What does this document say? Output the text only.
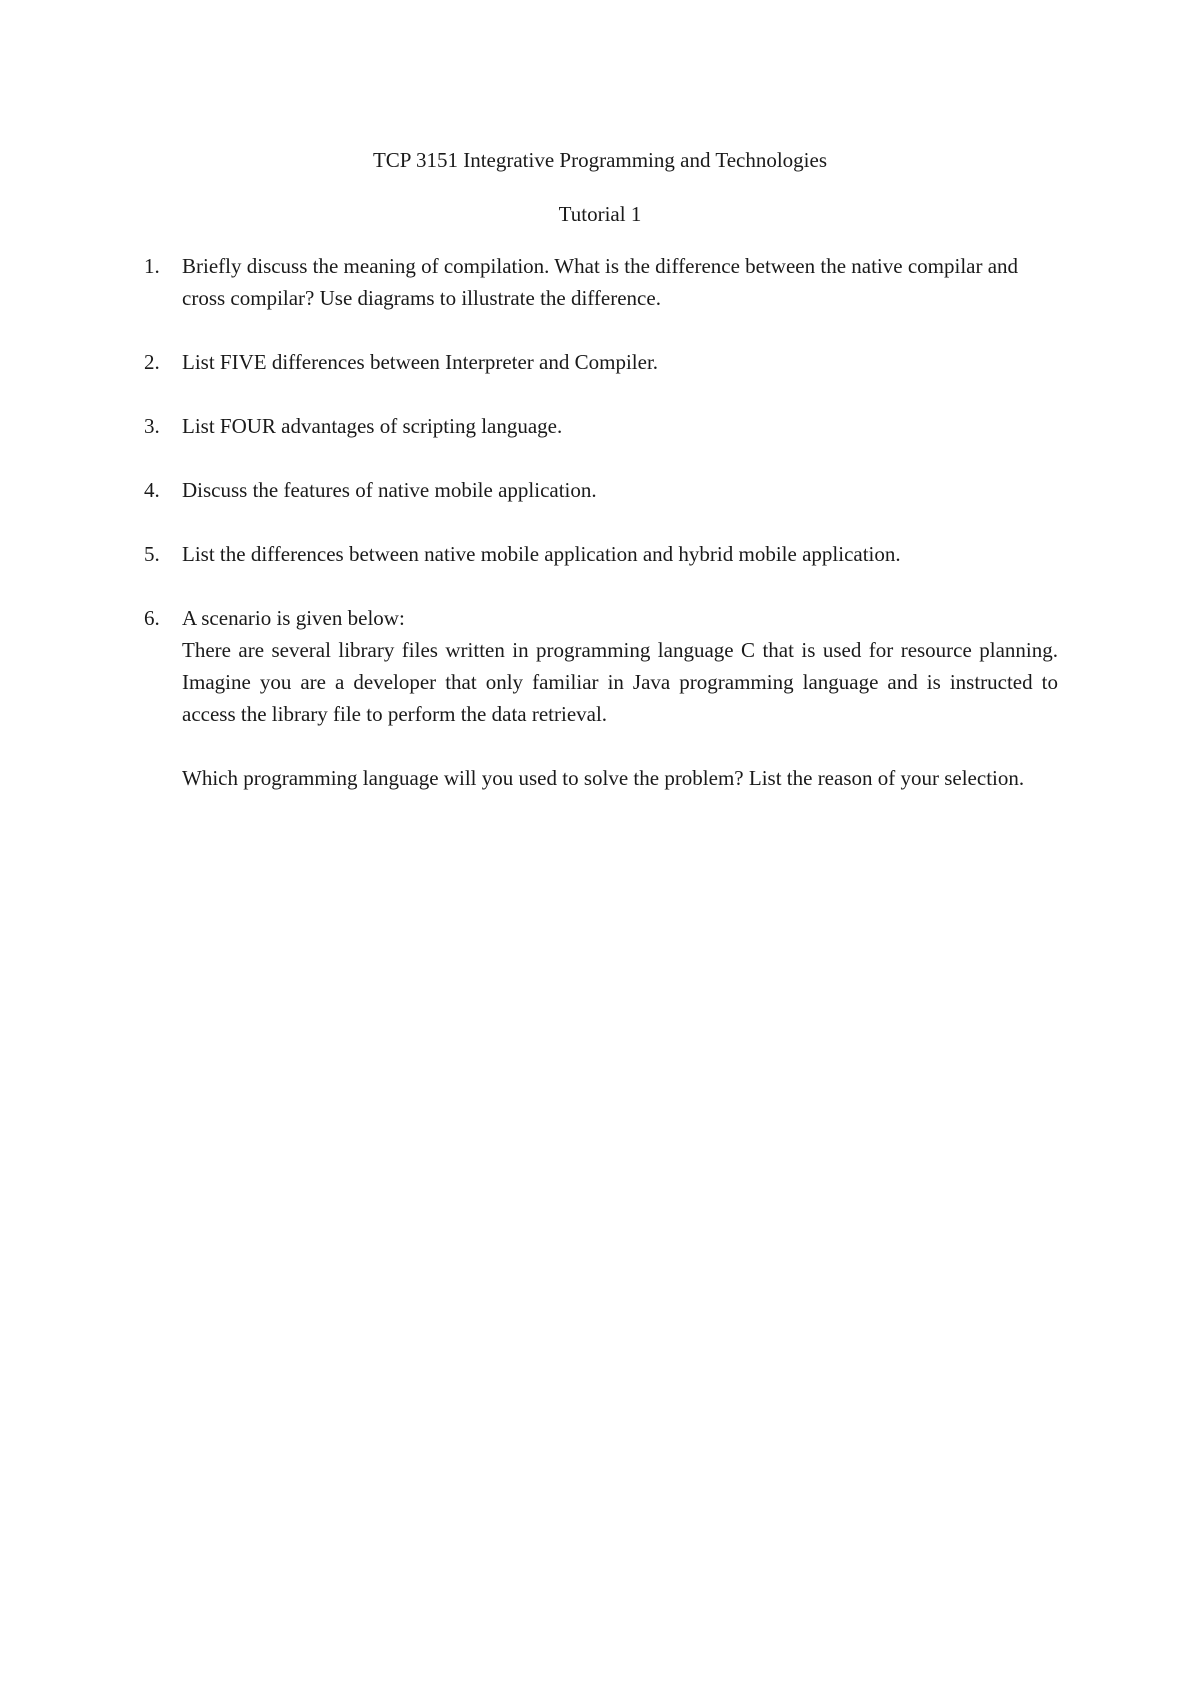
TCP 3151 Integrative Programming and Technologies
Tutorial 1
1. Briefly discuss the meaning of compilation. What is the difference between the native compilar and cross compilar? Use diagrams to illustrate the difference.
2. List FIVE differences between Interpreter and Compiler.
3. List FOUR advantages of scripting language.
4. Discuss the features of native mobile application.
5. List the differences between native mobile application and hybrid mobile application.
6. A scenario is given below:
There are several library files written in programming language C that is used for resource planning. Imagine you are a developer that only familiar in Java programming language and is instructed to access the library file to perform the data retrieval.
Which programming language will you used to solve the problem? List the reason of your selection.
